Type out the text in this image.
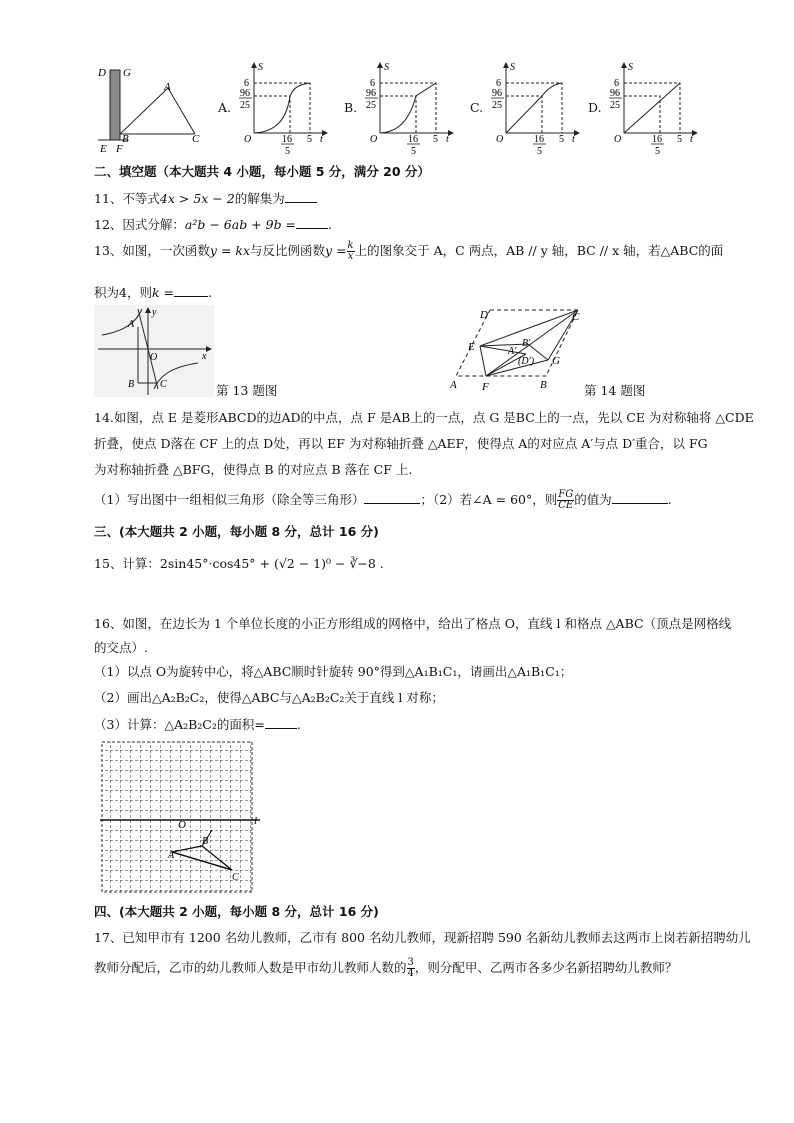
D G
A
E F
B	C
A.
S
6
96
25
O	16
5
5 t
B.
S
6
96
25
O	16
5
5 t
C.
S
6
96
25
O	16
5
5 t
D.
S
6
96
25
O	16
5
5 t
二、填空题（本大题共 4 小题，每小题 5 分，满分 20 分）
11、不等式4x > 5x − 2的解集为
12、因式分解：a²b − 6ab + 9b =	.
13、如图，一次函数y = kx与反比例函数$y = \frac{k}{x}$ 上的图象交于 A，C 两点，AB // y 轴，BC // x 轴，若△ABC的面
积为4，则k =	.
A
y
O	x
B	C	第 13 题图
D	C
E	B'
A'
(D') G
A F	B	第 14 题图
14.如图，点 E 是菱形ABCD的边AD的中点，点 F 是AB上的一点，点 G 是BC上的一点，先以 CE 为对称轴将 △CDE
折叠，使点 D落在 CF 上的点 D处，再以 EF 为对称轴折叠 △AEF，使得点 A的对应点 A′与点 D′重合，以 FG
为对称轴折叠 △BFG，使得点 B 的对应点 B 落在 CF 上.
（1）写出图中一组相似三角形（除全等三角形）	；（2）若∠A = 60°，则 $\frac{FG}{CE}$ 的值为	.
三、(本大题共 2 小题，每小题 8 分，总计 16 分)
15、计算：2sin45°·cos45° + (√2 − 1)⁰ − ∛−8 .
16、如图，在边长为 1 个单位长度的小正方形组成的网格中，给出了格点 O，直线 l 和格点 △ABC（顶点是网格线
的交点）.
（1）以点 O为旋转中心，将△ABC顺时针旋转 90°得到△A₁B₁C₁，请画出△A₁B₁C₁；
（2）画出△A₂B₂C₂，使得△ABC与△A₂B₂C₂关于直线 l 对称；
（3）计算：△A₂B₂C₂的面积=	.
O	l
A
B
C
四、(本大题共 2 小题，每小题 8 分，总计 16 分)
17、已知甲市有 1200 名幼儿教师，乙市有 800 名幼儿教师，现新招聘 590 名新幼儿教师去这两市上岗若新招聘幼儿
教师分配后，乙市的幼儿教师人数是甲市幼儿教师人数的 $\frac{3}{4}$ ，则分配甲、乙两市各多少名新招聘幼儿教师？
